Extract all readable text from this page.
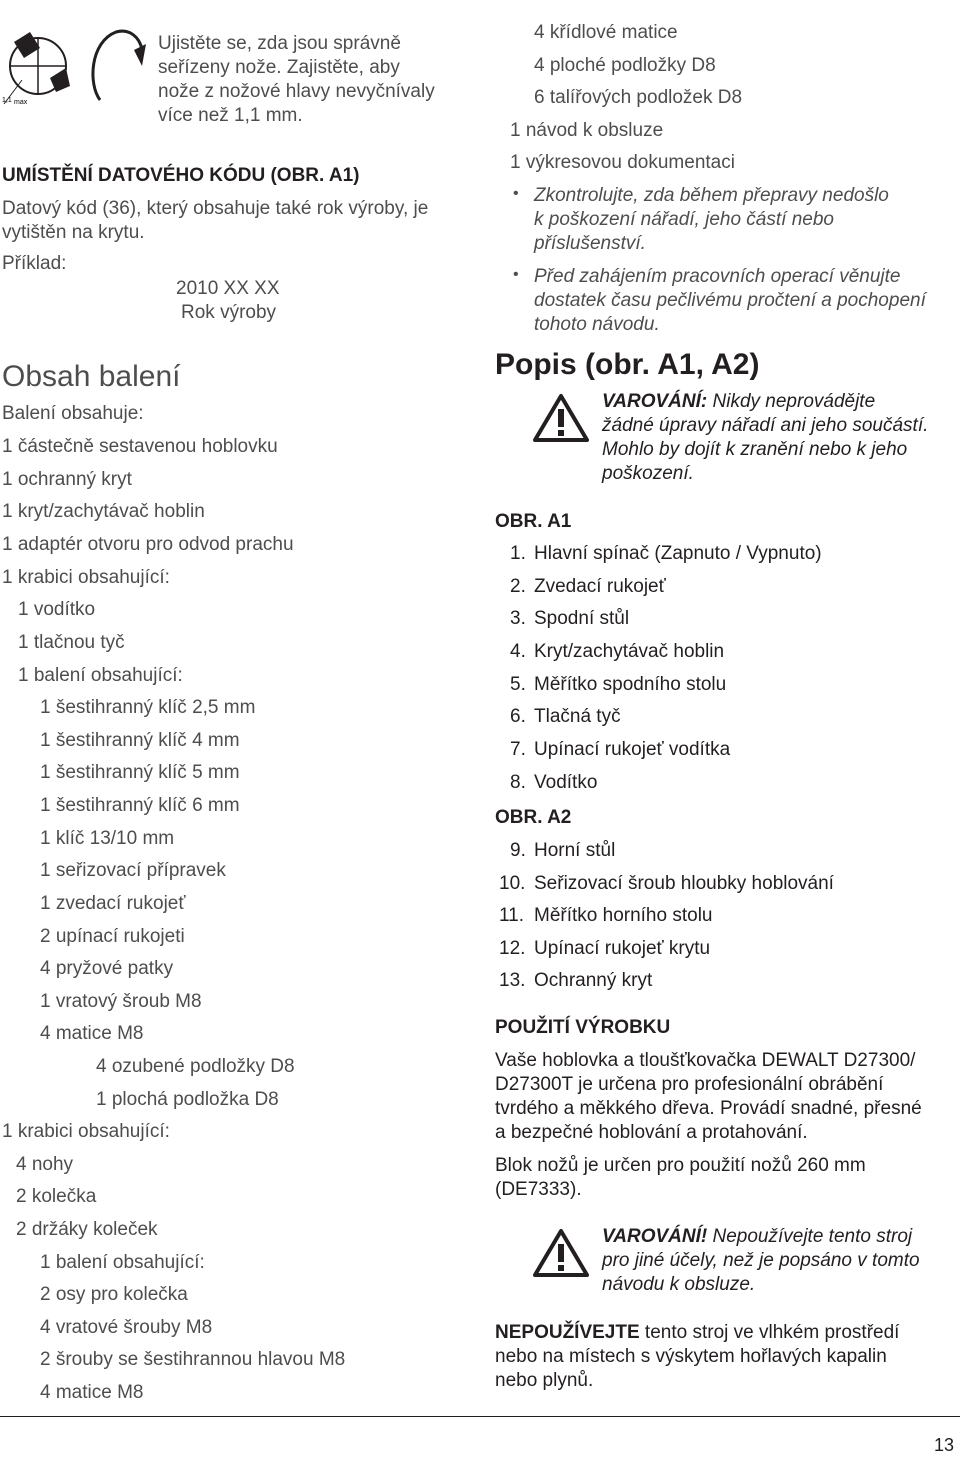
1,1 max
Ujistěte se, zda jsou správně
seřízeny nože. Zajistěte, aby
nože z nožové hlavy nevyčnívaly
více než 1,1 mm.
UMÍSTĚNÍ DATOVÉHO KÓDU (OBR. A1)
Datový kód (36), který obsahuje také rok výroby, je
vytištěn na krytu.
Příklad:
2010 XX XX
Rok výroby
Obsah balení
Balení obsahuje:
1 částečně sestavenou hoblovku
1 ochranný kryt
1 kryt/zachytávač hoblin
1 adaptér otvoru pro odvod prachu
1 krabici obsahující:
1 vodítko
1 tlačnou tyč
1 balení obsahující:
1 šestihranný klíč 2,5 mm
1 šestihranný klíč 4 mm
1 šestihranný klíč 5 mm
1 šestihranný klíč 6 mm
1 klíč 13/10 mm
1 seřizovací přípravek
1 zvedací rukojeť
2 upínací rukojeti
4 pryžové patky
1 vratový šroub M8
4 matice M8
4 ozubené podložky D8
1 plochá podložka D8
1 krabici obsahující:
4 nohy
2 kolečka
2 držáky koleček
1 balení obsahující:
2 osy pro kolečka
4 vratové šrouby M8
2 šrouby se šestihrannou hlavou M8
4 matice M8
4 křídlové matice
4 ploché podložky D8
6 talířových podložek D8
1 návod k obsluze
1 výkresovou dokumentaci
• Zkontrolujte, zda během přepravy nedošlo
k poškození nářadí, jeho částí nebo
příslušenství.
• Před zahájením pracovních operací věnujte
dostatek času pečlivému pročtení a pochopení
tohoto návodu.
Popis (obr. A1, A2)
VAROVÁNÍ: Nikdy neprovádějte
žádné úpravy nářadí ani jeho součástí.
Mohlo by dojít k zranění nebo k jeho
poškození.
OBR. A1
1. Hlavní spínač (Zapnuto / Vypnuto)
2. Zvedací rukojeť
3. Spodní stůl
4. Kryt/zachytávač hoblin
5. Měřítko spodního stolu
6. Tlačná tyč
7. Upínací rukojeť vodítka
8. Vodítko
OBR. A2
9. Horní stůl
10. Seřizovací šroub hloubky hoblování
11. Měřítko horního stolu
12. Upínací rukojeť krytu
13. Ochranný kryt
POUŽITÍ VÝROBKU
Vaše hoblovka a tloušťkovačka DEWALT D27300/
D27300T je určena pro profesionální obrábění
tvrdého a měkkého dřeva. Provádí snadné, přesné
a bezpečné hoblování a protahování.
Blok nožů je určen pro použití nožů 260 mm
(DE7333).
VAROVÁNÍ! Nepoužívejte tento stroj
pro jiné účely, než je popsáno v tomto
návodu k obsluze.
NEPOUŽÍVEJTE tento stroj ve vlhkém prostředí
nebo na místech s výskytem hořlavých kapalin
nebo plynů.
13
